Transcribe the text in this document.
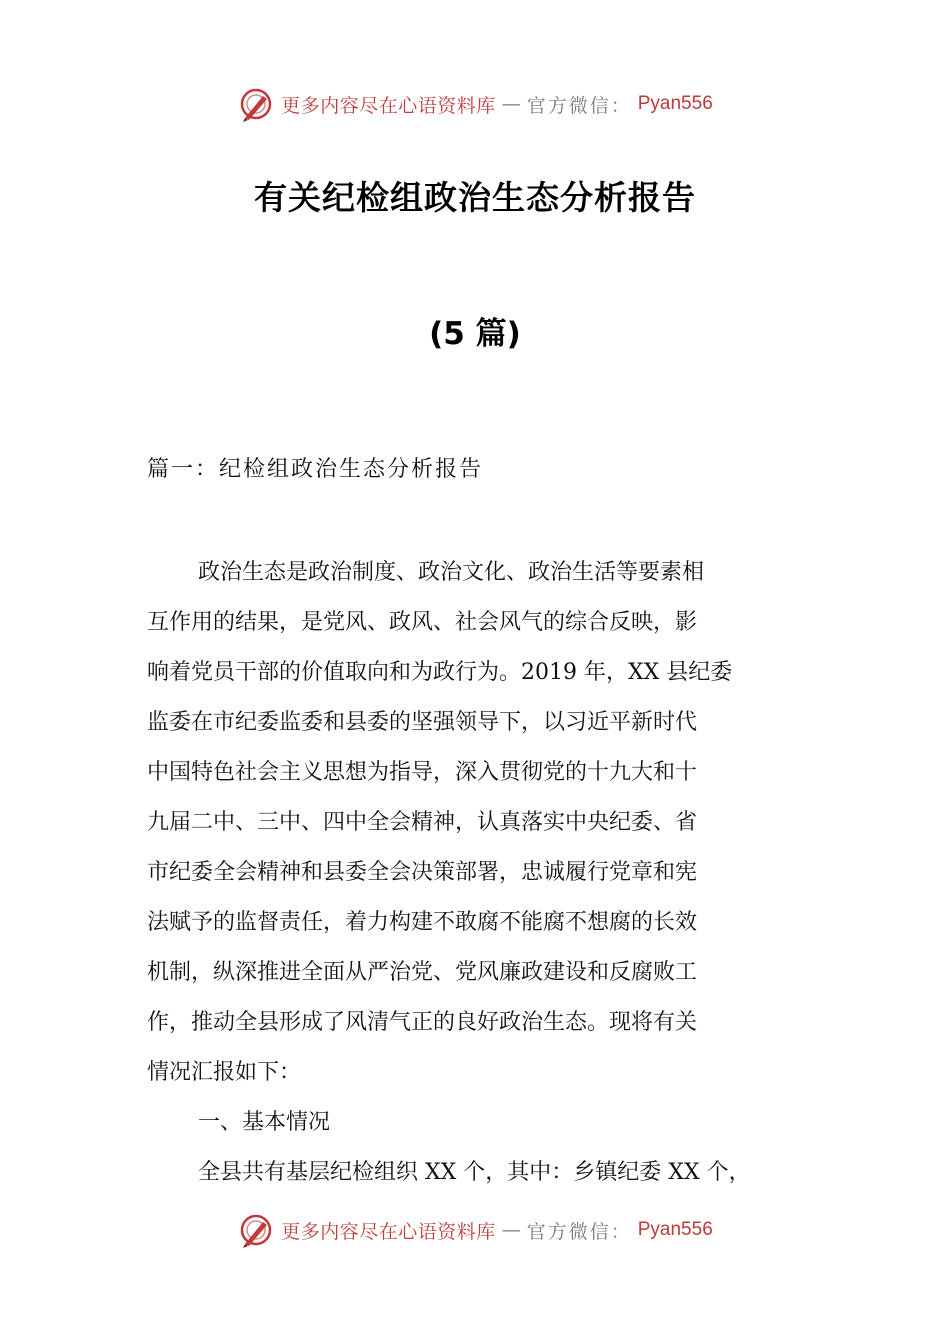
更多内容尽在心语资料库 — 官方微信： Pyan556
有关纪检组政治生态分析报告
(5 篇)
篇一：纪检组政治生态分析报告
政治生态是政治制度、政治文化、政治生活等要素相
互作用的结果，是党风、政风、社会风气的综合反映，影
响着党员干部的价值取向和为政行为。2019 年，XX 县纪委
监委在市纪委监委和县委的坚强领导下，以习近平新时代
中国特色社会主义思想为指导，深入贯彻党的十九大和十
九届二中、三中、四中全会精神，认真落实中央纪委、省
市纪委全会精神和县委全会决策部署，忠诚履行党章和宪
法赋予的监督责任，着力构建不敢腐不能腐不想腐的长效
机制，纵深推进全面从严治党、党风廉政建设和反腐败工
作，推动全县形成了风清气正的良好政治生态。现将有关
情况汇报如下：
一、基本情况
全县共有基层纪检组织 XX 个，其中：乡镇纪委 XX 个，
更多内容尽在心语资料库 — 官方微信： Pyan556
